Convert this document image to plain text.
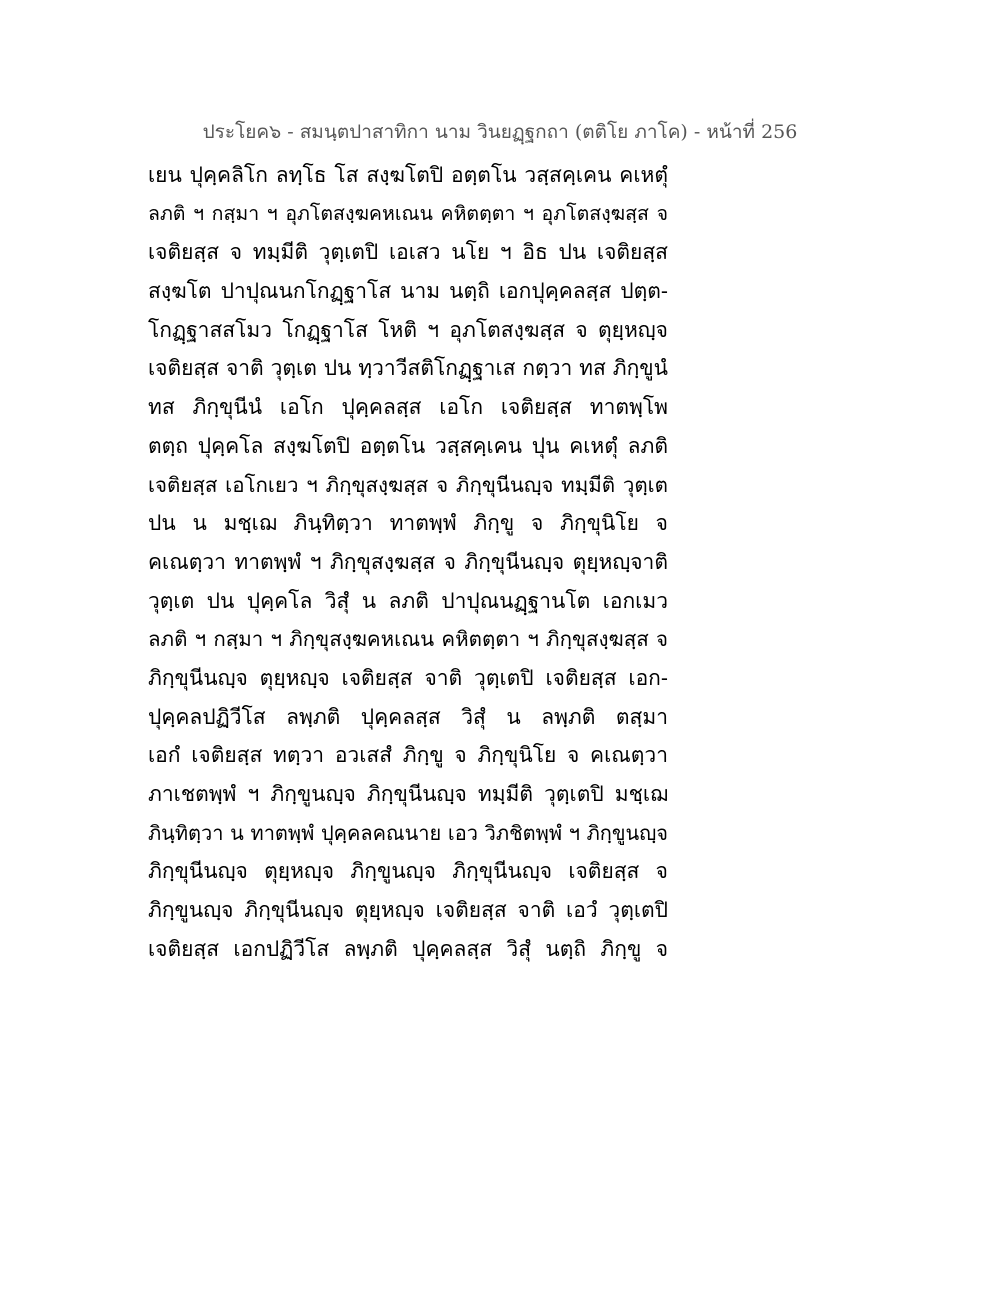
ประโยค๖ - สมนฺตปาสาทิกา นาม วินยฏฺฐกถา (ตติโย ภาโค) - หน้าที่ 256
เยน ปุคฺคลิโก ลทฺโธ โส สงฺฆโตปิ อตฺตโน วสฺสคฺเคน คเหตุํ
ลภติ ฯ กสฺมา ฯ อุภโตสงฺฆคหเณน คหิตตฺตา ฯ อุภโตสงฺฆสฺส จ
เจติยสฺส จ ทมฺมีติ วุตฺเตปิ เอเสว นโย ฯ อิธ ปน เจติยสฺส
สงฺฆโต ปาปุณนกโกฏฺฐาโส นาม นตฺถิ เอกปุคฺคลสฺส ปตฺต-
โกฏฺฐาสสโมว โกฏฺฐาโส โหติ ฯ อุภโตสงฺฆสฺส จ ตุยฺหญฺจ
เจติยสฺส จาติ วุตฺเต ปน ทฺวาวีสติโกฏฺฐาเส กตฺวา ทส ภิกฺขูนํ
ทส ภิกฺขุนีนํ เอโก ปุคฺคลสฺส เอโก เจติยสฺส ทาตพฺโพ
ตตฺถ ปุคฺคโล สงฺฆโตปิ อตฺตโน วสฺสคฺเคน ปุน คเหตุํ ลภติ
เจติยสฺส เอโกเยว ฯ ภิกฺขุสงฺฆสฺส จ ภิกฺขุนีนญฺจ ทมฺมีติ วุตฺเต
ปน น มชฺเฌ ภินฺทิตฺวา ทาตพฺพํ ภิกฺขู จ ภิกฺขุนิโย จ
คเณตฺวา ทาตพฺพํ ฯ ภิกฺขุสงฺฆสฺส จ ภิกฺขุนีนญฺจ ตุยฺหญฺจาติ
วุตฺเต ปน ปุคฺคโล วิสุํ น ลภติ ปาปุณนฏฺฐานโต เอกเมว
ลภติ ฯ กสฺมา ฯ ภิกฺขุสงฺฆคหเณน คหิตตฺตา ฯ ภิกฺขุสงฺฆสฺส จ
ภิกฺขุนีนญฺจ ตุยฺหญฺจ เจติยสฺส จาติ วุตฺเตปิ เจติยสฺส เอก-
ปุคฺคลปฏิวีโส ลพฺภติ ปุคฺคลสฺส วิสุํ น ลพฺภติ ตสฺมา
เอกํ เจติยสฺส ทตฺวา อวเสสํ ภิกฺขู จ ภิกฺขุนิโย จ คเณตฺวา
ภาเชตพฺพํ ฯ ภิกฺขูนญฺจ ภิกฺขุนีนญฺจ ทมฺมีติ วุตฺเตปิ มชฺเฌ
ภินฺทิตฺวา น ทาตพฺพํ ปุคฺคลคณนาย เอว วิภชิตพฺพํ ฯ ภิกฺขูนญฺจ
ภิกฺขุนีนญฺจ ตุยฺหญฺจ ภิกฺขูนญฺจ ภิกฺขุนีนญฺจ เจติยสฺส จ
ภิกฺขูนญฺจ ภิกฺขุนีนญฺจ ตุยฺหญฺจ เจติยสฺส จาติ เอวํ วุตฺเตปิ
เจติยสฺส เอกปฏิวีโส ลพฺภติ ปุคฺคลสฺส วิสุํ นตฺถิ ภิกฺขู จ
